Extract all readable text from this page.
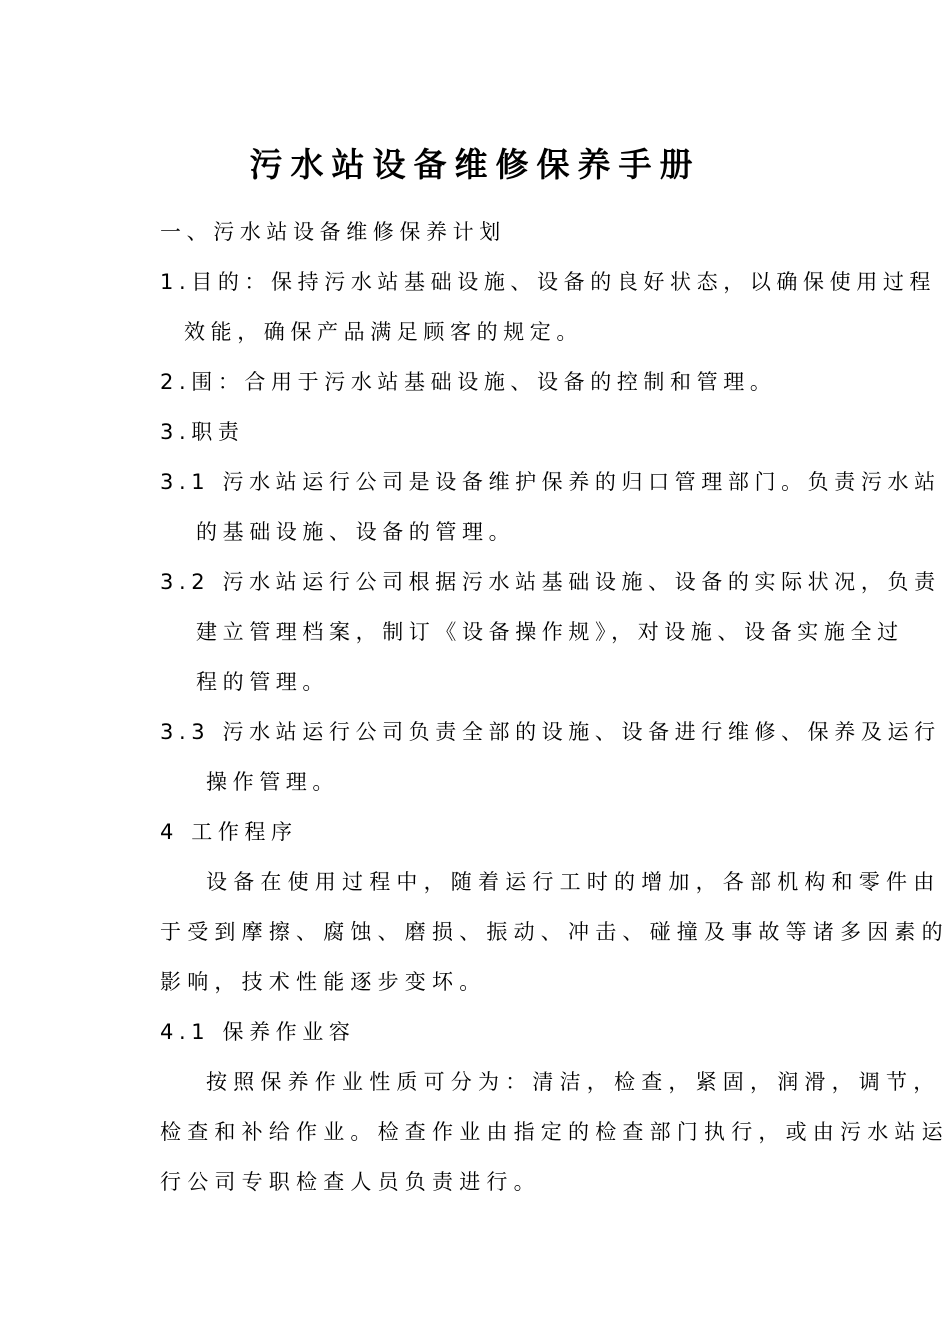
污水站设备维修保养手册
一、污水站设备维修保养计划
1.目的：保持污水站基础设施、设备的良好状态，以确保使用过程
效能，确保产品满足顾客的规定。
2.围：合用于污水站基础设施、设备的控制和管理。
3.职责
3.1 污水站运行公司是设备维护保养的归口管理部门。负责污水站
的基础设施、设备的管理。
3.2 污水站运行公司根据污水站基础设施、设备的实际状况，负责
建立管理档案，制订《设备操作规》，对设施、设备实施全过
程的管理。
3.3 污水站运行公司负责全部的设施、设备进行维修、保养及运行
操作管理。
4 工作程序
设备在使用过程中，随着运行工时的增加，各部机构和零件由
于受到摩擦、腐蚀、磨损、振动、冲击、碰撞及事故等诸多因素的
影响，技术性能逐步变坏。
4.1 保养作业容
按照保养作业性质可分为：清洁，检查，紧固，润滑，调节，
检查和补给作业。检查作业由指定的检查部门执行，或由污水站运
行公司专职检查人员负责进行。
